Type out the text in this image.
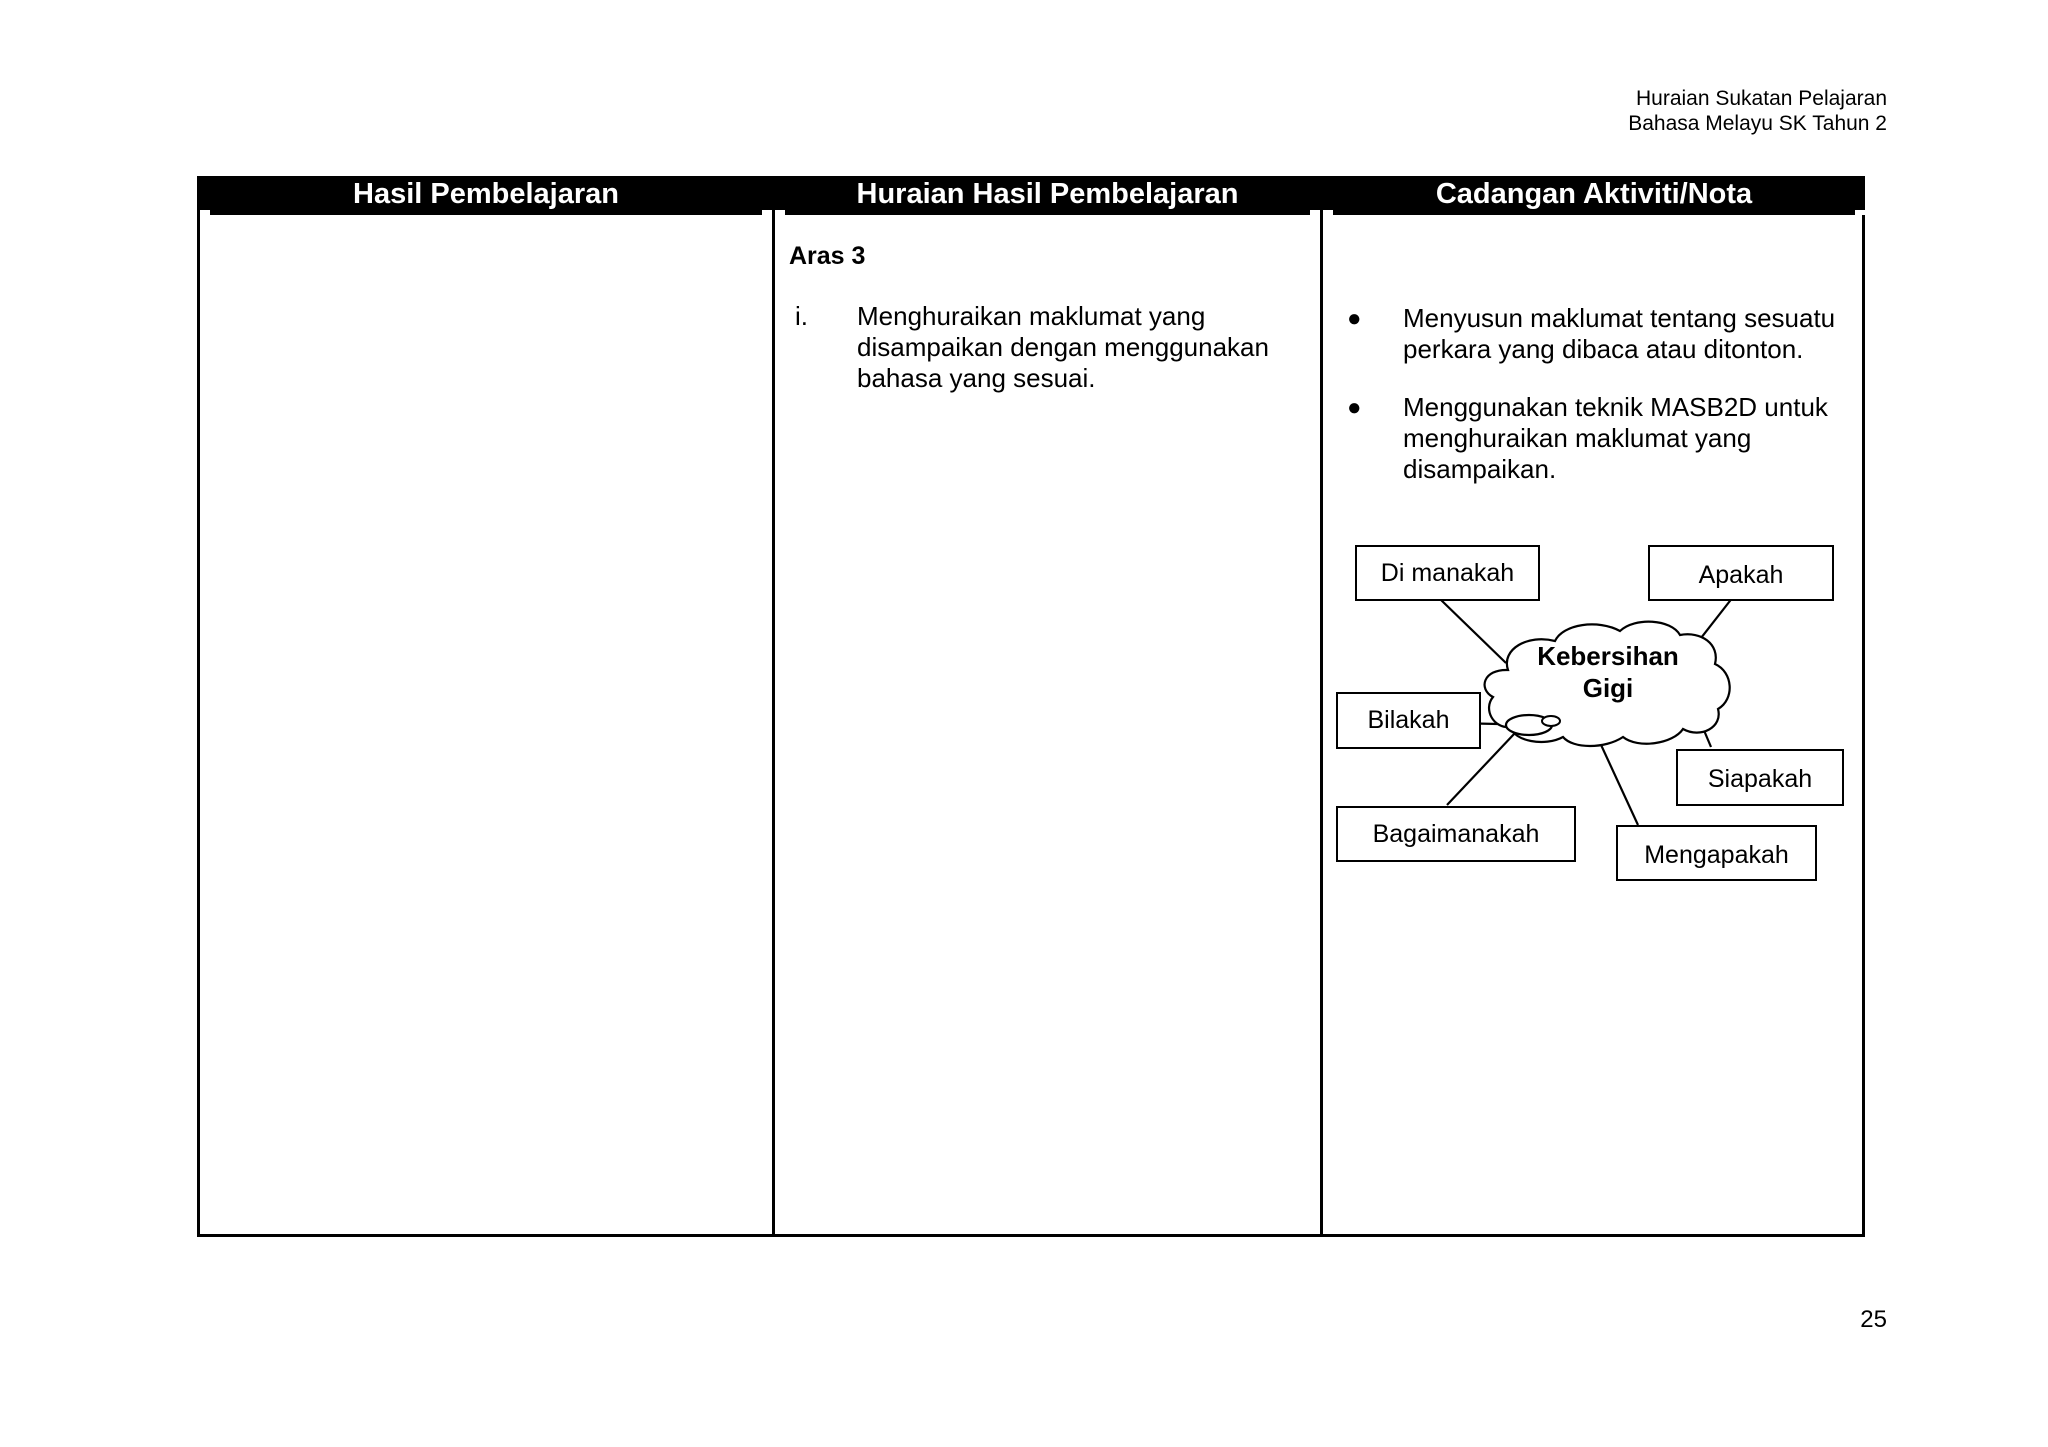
Huraian Sukatan Pelajaran
Bahasa Melayu SK Tahun 2
Hasil Pembelajaran	Huraian Hasil Pembelajaran
Aras 3
i. Menghuraikan maklumat yang disampaikan dengan menggunakan bahasa yang sesuai.
Cadangan Aktiviti/Nota
● Menyusun maklumat tentang sesuatu perkara yang dibaca atau ditonton.
● Menggunakan teknik MASB2D untuk menghuraikan maklumat yang disampaikan.
Kebersihan
Gigi
Di manakah	Apakah
Bilakah
Siapakah
Bagaimanakah
Mengapakah
25
